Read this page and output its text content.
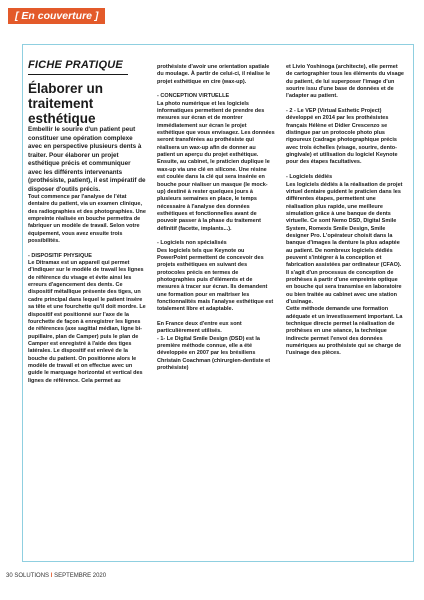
[ En couverture ]
FICHE PRATIQUE

Élaborer un traitement esthétique

Embellir le sourire d'un patient peut constituer une opération complexe avec en perspective plusieurs dents à traiter. Pour élaborer un projet esthétique précis et communiquer avec les différents intervenants (prothésiste, patient), il est impératif de disposer d'outils précis.

Tout commence par l'analyse de l'état dentaire du patient, via un examen clinique, des radiographies et des photographies. Une empreinte réalisée en bouche permettra de fabriquer un modèle de travail. Selon votre équipement, vous avez ensuite trois possibilités.

- DISPOSITIF PHYSIQUE

Le Ditramax est un appareil qui permet d'indiquer sur le modèle de travail les lignes de référence du visage et évite ainsi les erreurs d'agencement des dents. Ce dispositif métallique présente des tiges, un cadre principal dans lequel le patient insère sa tête et une fourchette qu'il doit mordre. Le dispositif est positionné sur l'axe de la fourchette de façon à enregistrer les lignes de références (axe sagittal médian, ligne bi-pupillaire, plan de Camper) puis le plan de Camper est enregistré à l'aide des tiges latérales. Le dispositif est enlevé de la bouche du patient. On positionne alors le modèle de travail et on effectue avec un guide le marquage horizontal et vertical des lignes de référence. Cela permet au

prothésiste d'avoir une orientation spatiale du moulage. À partir de celui-ci, il réalise le projet esthétique en cire (wax-up).

- CONCEPTION VIRTUELLE

La photo numérique et les logiciels informatiques permettent de prendre des mesures sur écran et de montrer immédiatement sur écran le projet esthétique que vous envisagez. Les données seront transférées au prothésiste qui réalisera un wax-up afin de donner au patient un aperçu du projet esthétique.

Ensuite, au cabinet, le praticien duplique le wax-up via une clé en silicone. Une résine est coulée dans la clé qui sera insérée en bouche pour réaliser un masque (le mock-up) destiné à rester quelques jours à plusieurs semaines en place, le temps nécessaire à l'analyse des données esthétiques et fonctionnelles avant de pouvoir passer à la phase du traitement définitif (facette, implants...).

- Logiciels non spécialisés

Des logiciels tels que Keynote ou PowerPoint permettent de concevoir des projets esthétiques en suivant des protocoles précis en termes de photographies puis d'éléments et de mesures à tracer sur écran. Ils demandent une formation pour en maîtriser les fonctionnalités mais l'analyse esthétique est totalement libre et adaptable.

En France deux d'entre eux sont particulièrement utilisés.

- 1- Le Digital Smile Design (DSD) est la première méthode connue, elle a été développée en 2007 par les brésiliens Christain Coachman (chirurgien-dentiste et prothésiste)

et Livio Yoshinoga (architecte), elle permet de cartographier tous les éléments du visage du patient, de lui superposer l'image d'un sourire issu d'une base de données et de l'adapter au patient.

- 2 - Le VEP (Virtual Esthetic Project) développé en 2014 par les prothésistes français Hélène et Didier Crescenzo se distingue par un protocole photo plus rigoureux (cadrage photographique précis avec trois échelles (visage, sourire, dento-gingivale) et utilisation du logiciel Keynote pour des étapes facultatives.

- Logiciels dédiés

Les logiciels dédiés à la réalisation de projet virtuel dentaire guident le praticien dans les différentes étapes, permettent une réalisation plus rapide, une meilleure simulation grâce à une banque de dents virtuelle. Ce sont Nemo DSD, Digital Smile System, Romexis Smile Design, Smile designer Pro. L'opérateur choisit dans la banque d'images la denture la plus adaptée au patient. De nombreux logiciels dédiés peuvent s'intégrer à la conception et fabrication assistées par ordinateur (CFAO). Il s'agit d'un processus de conception de prothèses à partir d'une empreinte optique en bouche qui sera transmise en laboratoire ou bien traitée au cabinet avec une station d'usinage.

Cette méthode demande une formation adéquate et un investissement important. La technique directe permet la réalisation de prothèses en une séance, la technique indirecte permet l'envoi des données numériques au prothésiste qui se charge de l'usinage des pièces.

30 SOLUTIONS I SEPTEMBRE 2020
